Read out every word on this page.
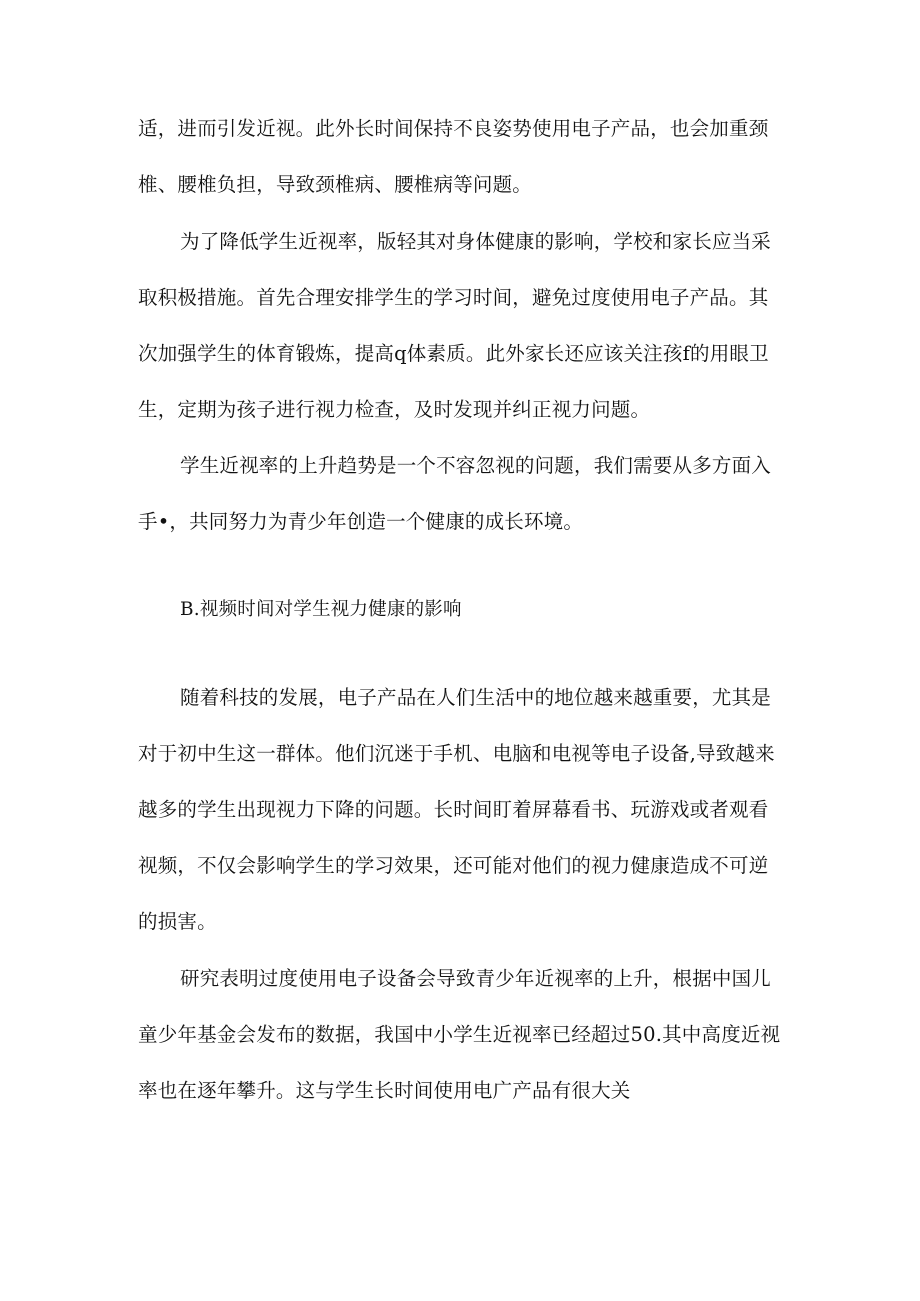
适，进而引发近视。此外长时间保持不良姿势使用电子产品，也会加重颈
椎、腰椎负担，导致颈椎病、腰椎病等问题。
为了降低学生近视率，版轻其对身体健康的影响，学校和家长应当采
取积极措施。首先合理安排学生的学习时间，避免过度使用电子产品。其
次加强学生的体育锻炼，提高q体素质。此外家长还应该关注孩f的用眼卫
生，定期为孩子进行视力检查，及时发现并纠正视力问题。
学生近视率的上升趋势是一个不容忽视的问题，我们需要从多方面入
手•，共同努力为青少年创造一个健康的成长环境。
B.视频时间对学生视力健康的影响
随着科技的发展，电子产品在人们生活中的地位越来越重要，尤其是
对于初中生这一群体。他们沉迷于手机、电脑和电视等电子设备,导致越来
越多的学生出现视力下降的问题。长时间盯着屏幕看书、玩游戏或者观看
视频，不仅会影响学生的学习效果，还可能对他们的视力健康造成不可逆
的损害。
研究表明过度使用电子设备会导致青少年近视率的上升，根据中国儿
童少年基金会发布的数据，我国中小学生近视率已经超过50.其中高度近视
率也在逐年攀升。这与学生长时间使用电广产品有很大关
